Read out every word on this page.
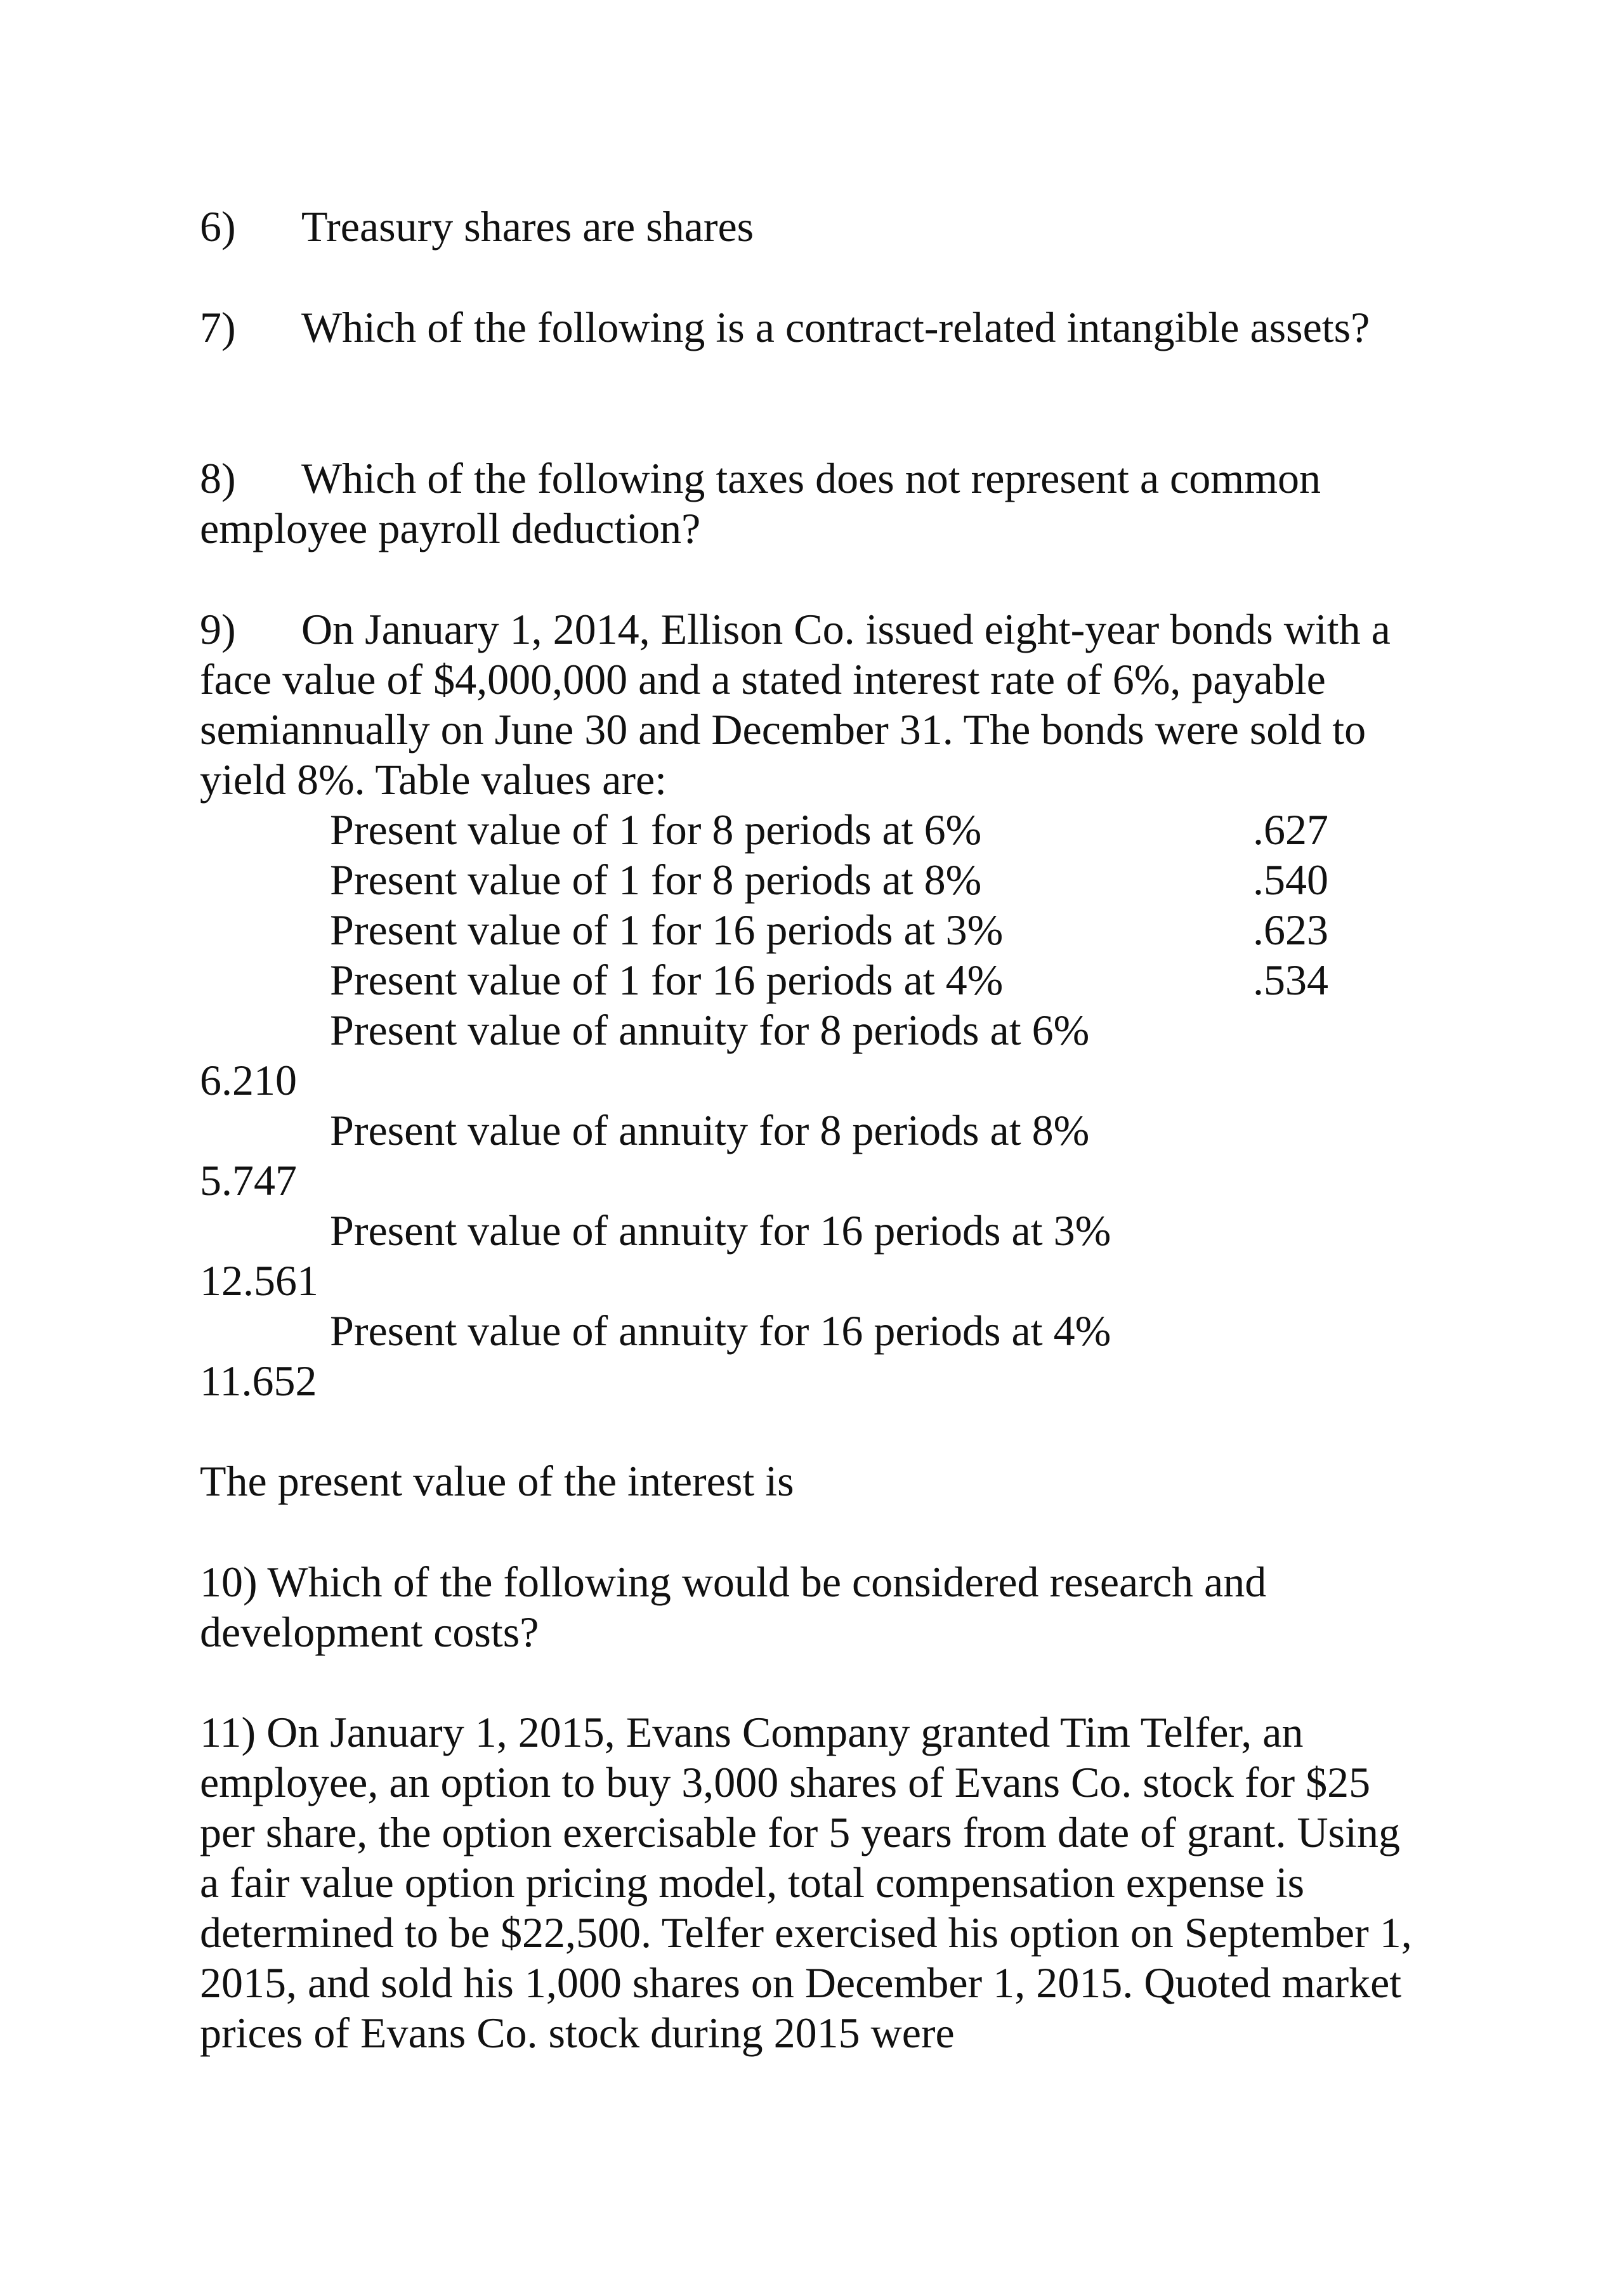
6) Treasury shares are shares
7) Which of the following is a contract-related intangible assets?
8) Which of the following taxes does not represent a common
employee payroll deduction?
9) On January 1, 2014, Ellison Co. issued eight-year bonds with a
face value of $4,000,000 and a stated interest rate of 6%, payable
semiannually on June 30 and December 31. The bonds were sold to
yield 8%. Table values are:
Present value of 1 for 8 periods at 6%	.627
Present value of 1 for 8 periods at 8%	.540
Present value of 1 for 16 periods at 3%	.623
Present value of 1 for 16 periods at 4%	.534
Present value of annuity for 8 periods at 6%
6.210
Present value of annuity for 8 periods at 8%
5.747
Present value of annuity for 16 periods at 3%
12.561
Present value of annuity for 16 periods at 4%
11.652
The present value of the interest is
10) Which of the following would be considered research and
development costs?
11) On January 1, 2015, Evans Company granted Tim Telfer, an
employee, an option to buy 3,000 shares of Evans Co. stock for $25
per share, the option exercisable for 5 years from date of grant. Using
a fair value option pricing model, total compensation expense is
determined to be $22,500. Telfer exercised his option on September 1,
2015, and sold his 1,000 shares on December 1, 2015. Quoted market
prices of Evans Co. stock during 2015 were
